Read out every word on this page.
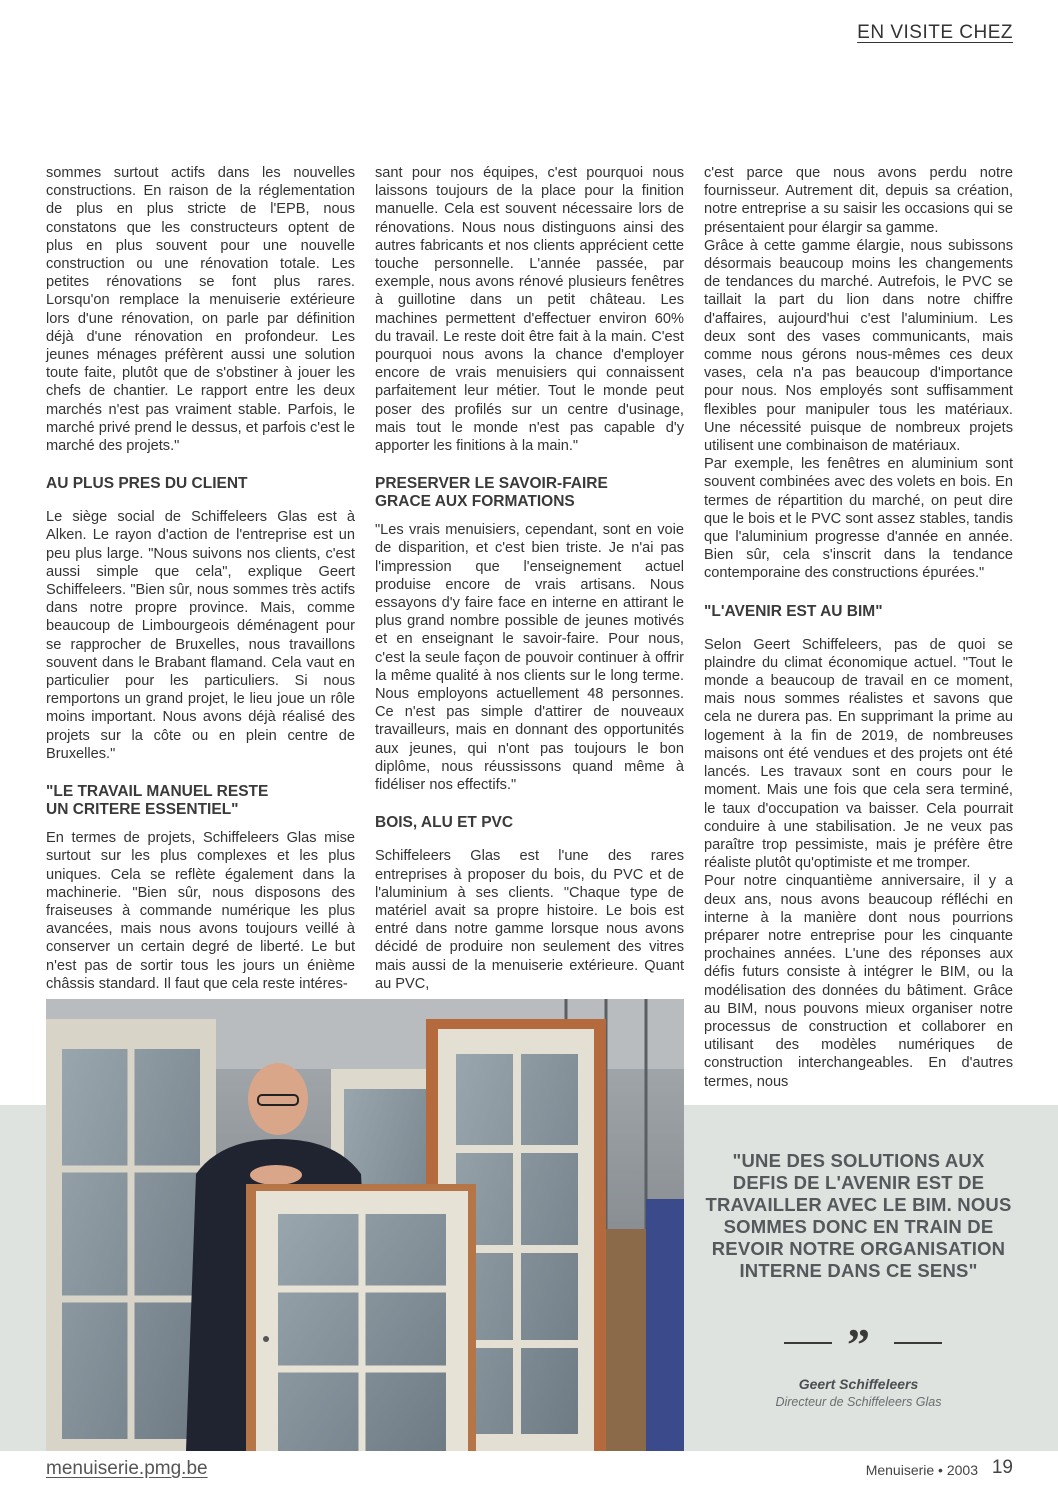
EN VISITE CHEZ

sommes surtout actifs dans les nouvelles constructions. En raison de la réglementation de plus en plus stricte de l'EPB, nous constatons que les constructeurs optent de plus en plus souvent pour une nouvelle construction ou une rénovation totale. Les petites rénovations se font plus rares. Lorsqu'on remplace la menuiserie extérieure lors d'une rénovation, on parle par définition déjà d'une rénovation en profondeur. Les jeunes ménages préfèrent aussi une solution toute faite, plutôt que de s'obstiner à jouer les chefs de chantier. Le rapport entre les deux marchés n'est pas vraiment stable. Parfois, le marché privé prend le dessus, et parfois c'est le marché des projets."

AU PLUS PRES DU CLIENT

Le siège social de Schiffeleers Glas est à Alken. Le rayon d'action de l'entreprise est un peu plus large. "Nous suivons nos clients, c'est aussi simple que cela", explique Geert Schiffeleers. "Bien sûr, nous sommes très actifs dans notre propre province. Mais, comme beaucoup de Limbourgeois déménagent pour se rapprocher de Bruxelles, nous travaillons souvent dans le Brabant flamand. Cela vaut en particulier pour les particuliers. Si nous remportons un grand projet, le lieu joue un rôle moins important. Nous avons déjà réalisé des projets sur la côte ou en plein centre de Bruxelles."

"LE TRAVAIL MANUEL RESTE
UN CRITERE ESSENTIEL"

En termes de projets, Schiffeleers Glas mise surtout sur les plus complexes et les plus uniques. Cela se reflète également dans la machinerie. "Bien sûr, nous disposons des fraiseuses à commande numérique les plus avancées, mais nous avons toujours veillé à conserver un certain degré de liberté. Le but n'est pas de sortir tous les jours un énième châssis standard. Il faut que cela reste intéres-

sant pour nos équipes, c'est pourquoi nous laissons toujours de la place pour la finition manuelle. Cela est souvent nécessaire lors de rénovations. Nous nous distinguons ainsi des autres fabricants et nos clients apprécient cette touche personnelle. L'année passée, par exemple, nous avons rénové plusieurs fenêtres à guillotine dans un petit château. Les machines permettent d'effectuer environ 60% du travail. Le reste doit être fait à la main. C'est pourquoi nous avons la chance d'employer encore de vrais menuisiers qui connaissent parfaitement leur métier. Tout le monde peut poser des profilés sur un centre d'usinage, mais tout le monde n'est pas capable d'y apporter les finitions à la main."

PRESERVER LE SAVOIR-FAIRE
GRACE AUX FORMATIONS

"Les vrais menuisiers, cependant, sont en voie de disparition, et c'est bien triste. Je n'ai pas l'impression que l'enseignement actuel produise encore de vrais artisans. Nous essayons d'y faire face en interne en attirant le plus grand nombre possible de jeunes motivés et en enseignant le savoir-faire. Pour nous, c'est la seule façon de pouvoir continuer à offrir la même qualité à nos clients sur le long terme. Nous employons actuellement 48 personnes. Ce n'est pas simple d'attirer de nouveaux travailleurs, mais en donnant des opportunités aux jeunes, qui n'ont pas toujours le bon diplôme, nous réussissons quand même à fidéliser nos effectifs."

BOIS, ALU ET PVC

Schiffeleers Glas est l'une des rares entreprises à proposer du bois, du PVC et de l'aluminium à ses clients. "Chaque type de matériel avait sa propre histoire. Le bois est entré dans notre gamme lorsque nous avons décidé de produire non seulement des vitres mais aussi de la menuiserie extérieure. Quant au PVC,

c'est parce que nous avons perdu notre fournisseur. Autrement dit, depuis sa création, notre entreprise a su saisir les occasions qui se présentaient pour élargir sa gamme.

Grâce à cette gamme élargie, nous subissons désormais beaucoup moins les changements de tendances du marché. Autrefois, le PVC se taillait la part du lion dans notre chiffre d'affaires, aujourd'hui c'est l'aluminium. Les deux sont des vases communicants, mais comme nous gérons nous-mêmes ces deux vases, cela n'a pas beaucoup d'importance pour nous. Nos employés sont suffisamment flexibles pour manipuler tous les matériaux. Une nécessité puisque de nombreux projets utilisent une combinaison de matériaux.

Par exemple, les fenêtres en aluminium sont souvent combinées avec des volets en bois. En termes de répartition du marché, on peut dire que le bois et le PVC sont assez stables, tandis que l'aluminium progresse d'année en année. Bien sûr, cela s'inscrit dans la tendance contemporaine des constructions épurées."

"L'AVENIR EST AU BIM"

Selon Geert Schiffeleers, pas de quoi se plaindre du climat économique actuel. "Tout le monde a beaucoup de travail en ce moment, mais nous sommes réalistes et savons que cela ne durera pas. En supprimant la prime au logement à la fin de 2019, de nombreuses maisons ont été vendues et des projets ont été lancés. Les travaux sont en cours pour le moment. Mais une fois que cela sera terminé, le taux d'occupation va baisser. Cela pourrait conduire à une stabilisation. Je ne veux pas paraître trop pessimiste, mais je préfère être réaliste plutôt qu'optimiste et me tromper.

Pour notre cinquantième anniversaire, il y a deux ans, nous avons beaucoup réfléchi en interne à la manière dont nous pourrions préparer notre entreprise pour les cinquante prochaines années. L'une des réponses aux défis futurs consiste à intégrer le BIM, ou la modélisation des données du bâtiment. Grâce au BIM, nous pouvons mieux organiser notre processus de construction et collaborer en utilisant des modèles numériques de construction interchangeables. En d'autres termes, nous

"UNE DES SOLUTIONS AUX DEFIS DE L'AVENIR EST DE TRAVAILLER AVEC LE BIM. NOUS SOMMES DONC EN TRAIN DE REVOIR NOTRE ORGANISATION INTERNE DANS CE SENS"

”
Geert Schiffeleers
Directeur de Schiffeleers Glas
menuiserie.pmg.be	Menuiserie • 2003 19
